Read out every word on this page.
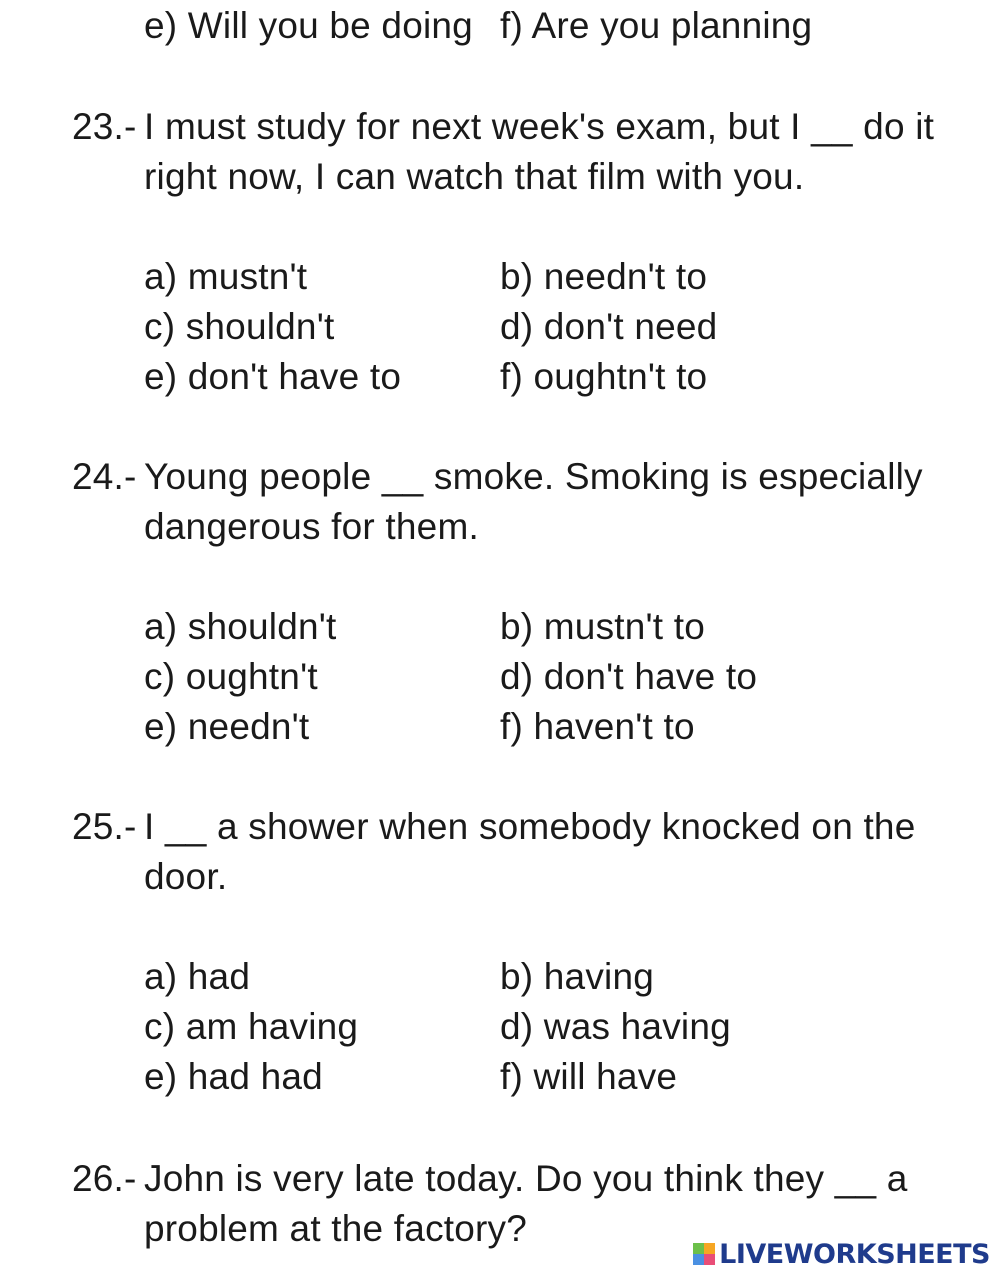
e) Will you be doing f) Are you planning
23.- I must study for next week's exam, but I __ do it
right now, I can watch that film with you.
a) mustn't	b) needn't to
c) shouldn't	d) don't need
e) don't have to	f) oughtn't to
24.- Young people __ smoke. Smoking is especially
dangerous for them.
a) shouldn't	b) mustn't to
c) oughtn't	d) don't have to
e) needn't	f) haven't to
25.- I __ a shower when somebody knocked on the
door.
a) had	b) having
c) am having	d) was having
e) had had	f) will have
26.- John is very late today. Do you think they __ a
problem at the factory?
LIVEWORKSHEETS
